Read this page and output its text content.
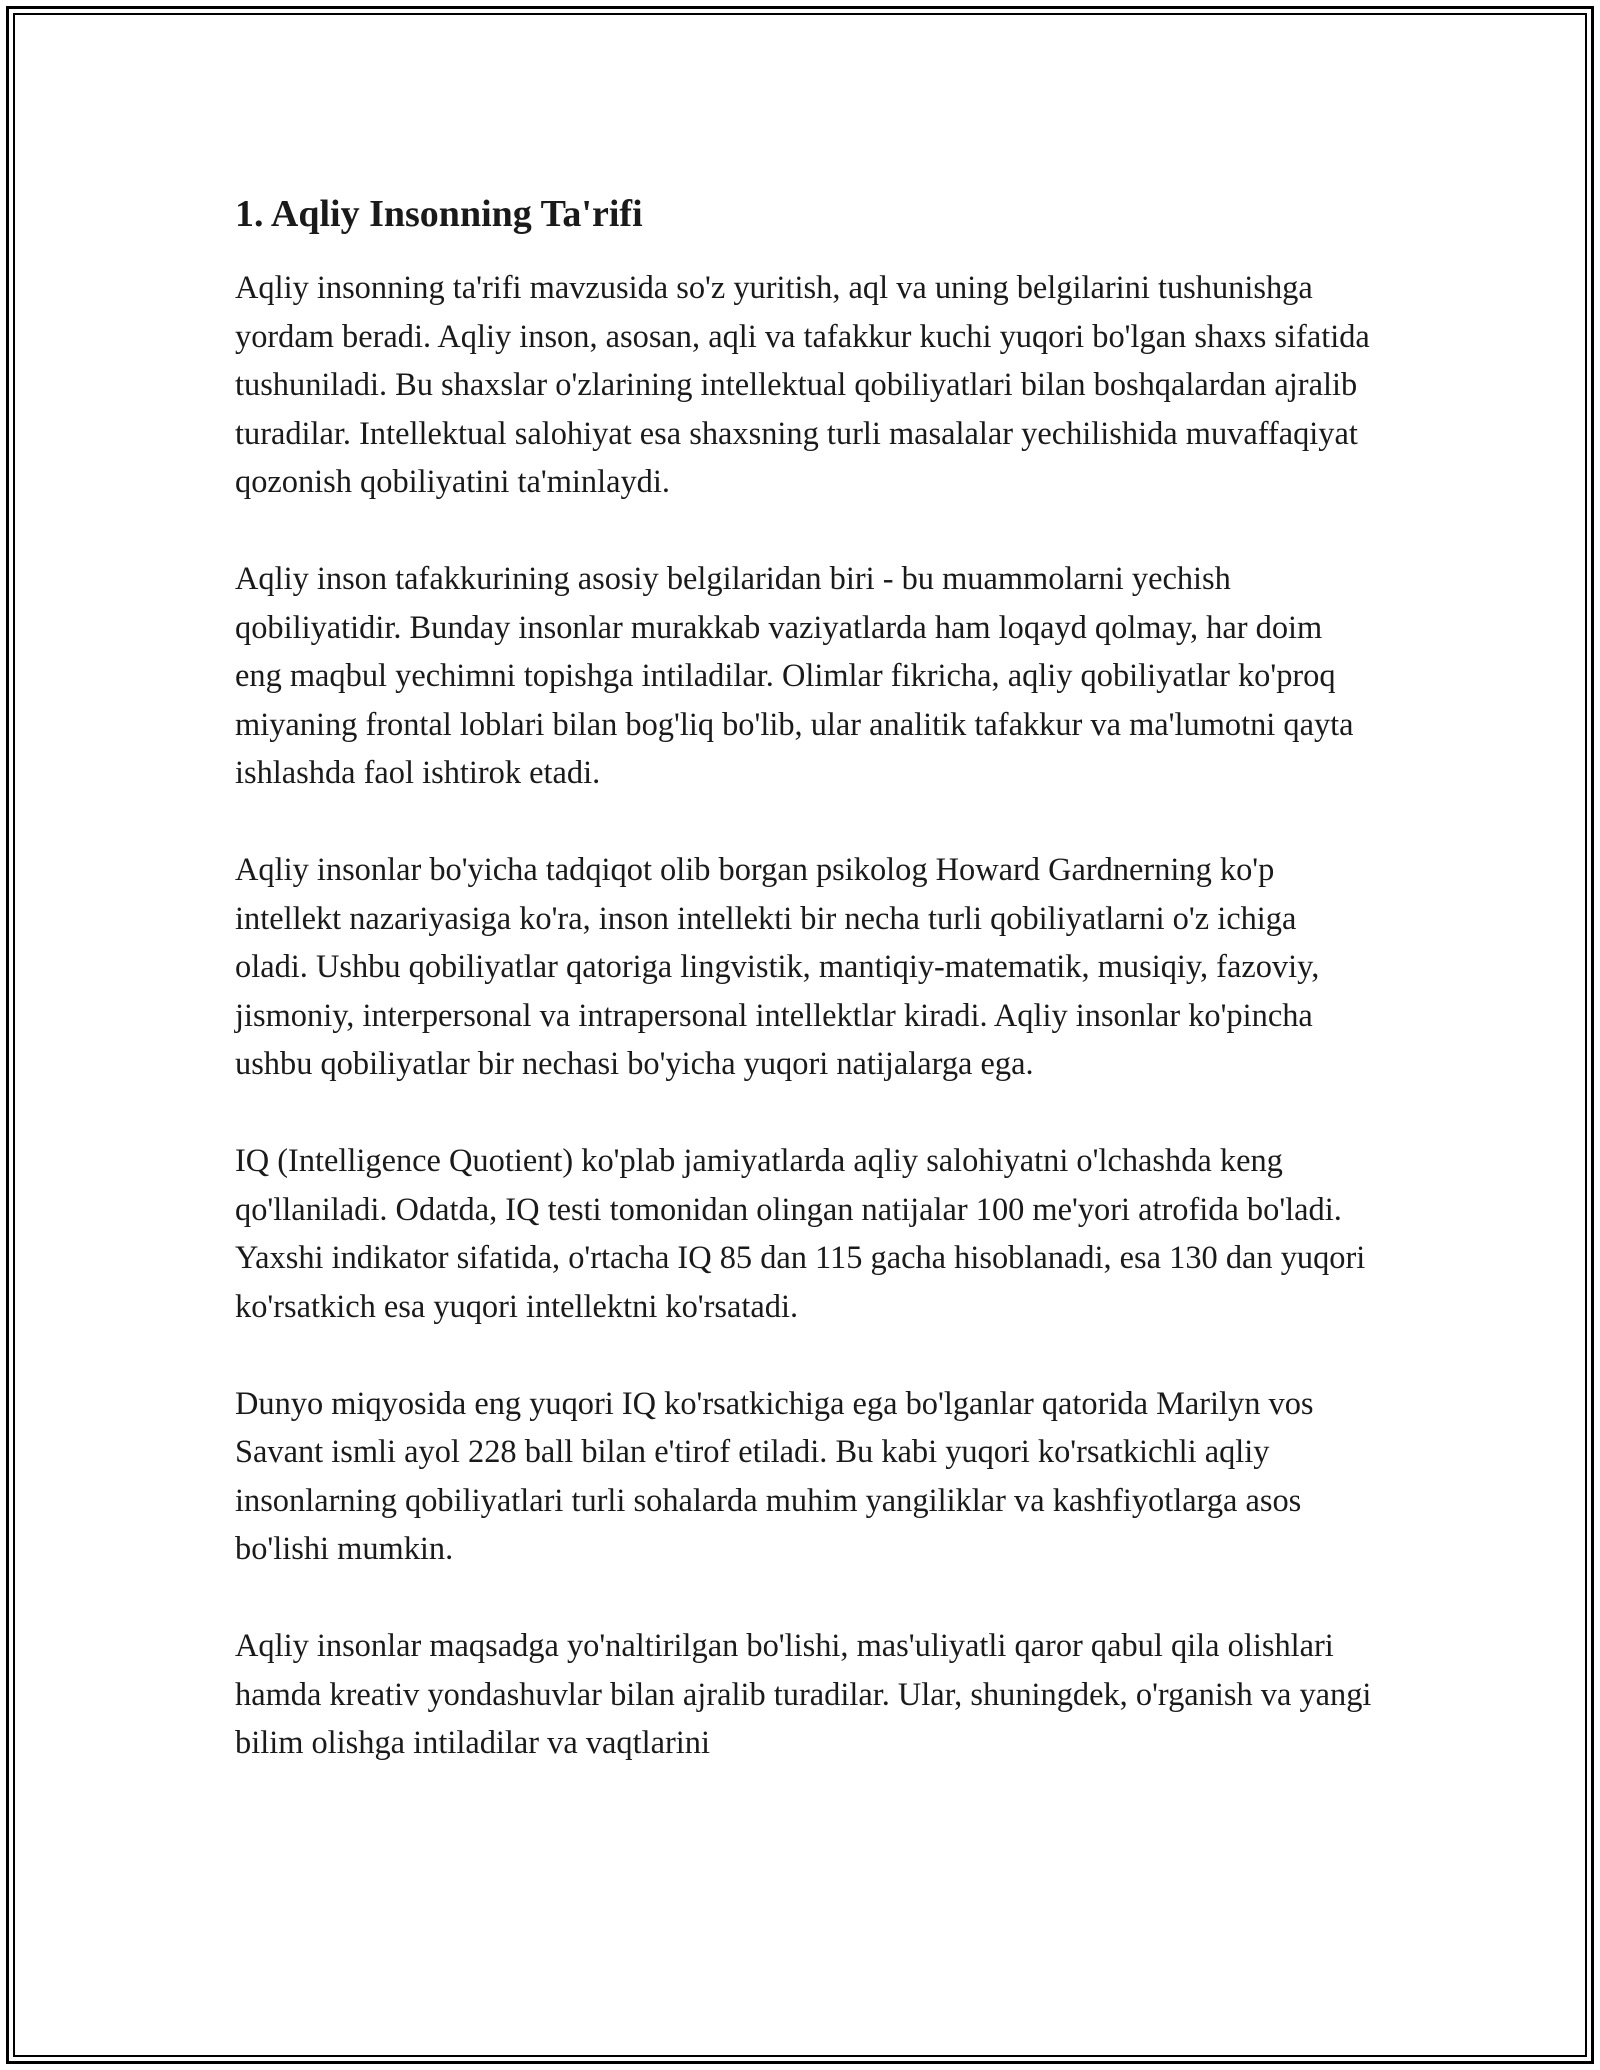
1. Aqliy Insonning Ta'rifi

Aqliy insonning ta'rifi mavzusida so'z yuritish, aql va uning belgilarini tushunishga yordam beradi. Aqliy inson, asosan, aqli va tafakkur kuchi yuqori bo'lgan shaxs sifatida tushuniladi. Bu shaxslar o'zlarining intellektual qobiliyatlari bilan boshqalardan ajralib turadilar. Intellektual salohiyat esa shaxsning turli masalalar yechilishida muvaffaqiyat qozonish qobiliyatini ta'minlaydi.

Aqliy inson tafakkurining asosiy belgilaridan biri - bu muammolarni yechish qobiliyatidir. Bunday insonlar murakkab vaziyatlarda ham loqayd qolmay, har doim eng maqbul yechimni topishga intiladilar. Olimlar fikricha, aqliy qobiliyatlar ko'proq miyaning frontal loblari bilan bog'liq bo'lib, ular analitik tafakkur va ma'lumotni qayta ishlashda faol ishtirok etadi.

Aqliy insonlar bo'yicha tadqiqot olib borgan psikolog Howard Gardnerning ko'p intellekt nazariyasiga ko'ra, inson intellekti bir necha turli qobiliyatlarni o'z ichiga oladi. Ushbu qobiliyatlar qatoriga lingvistik, mantiqiy-matematik, musiqiy, fazoviy, jismoniy, interpersonal va intrapersonal intellektlar kiradi. Aqliy insonlar ko'pincha ushbu qobiliyatlar bir nechasi bo'yicha yuqori natijalarga ega.

IQ (Intelligence Quotient) ko'plab jamiyatlarda aqliy salohiyatni o'lchashda keng qo'llaniladi. Odatda, IQ testi tomonidan olingan natijalar 100 me'yori atrofida bo'ladi. Yaxshi indikator sifatida, o'rtacha IQ 85 dan 115 gacha hisoblanadi, esa 130 dan yuqori ko'rsatkich esa yuqori intellektni ko'rsatadi.

Dunyo miqyosida eng yuqori IQ ko'rsatkichiga ega bo'lganlar qatorida Marilyn vos Savant ismli ayol 228 ball bilan e'tirof etiladi. Bu kabi yuqori ko'rsatkichli aqliy insonlarning qobiliyatlari turli sohalarda muhim yangiliklar va kashfiyotlarga asos bo'lishi mumkin.

Aqliy insonlar maqsadga yo'naltirilgan bo'lishi, mas'uliyatli qaror qabul qila olishlari hamda kreativ yondashuvlar bilan ajralib turadilar. Ular, shuningdek, o'rganish va yangi bilim olishga intiladilar va vaqtlarini
